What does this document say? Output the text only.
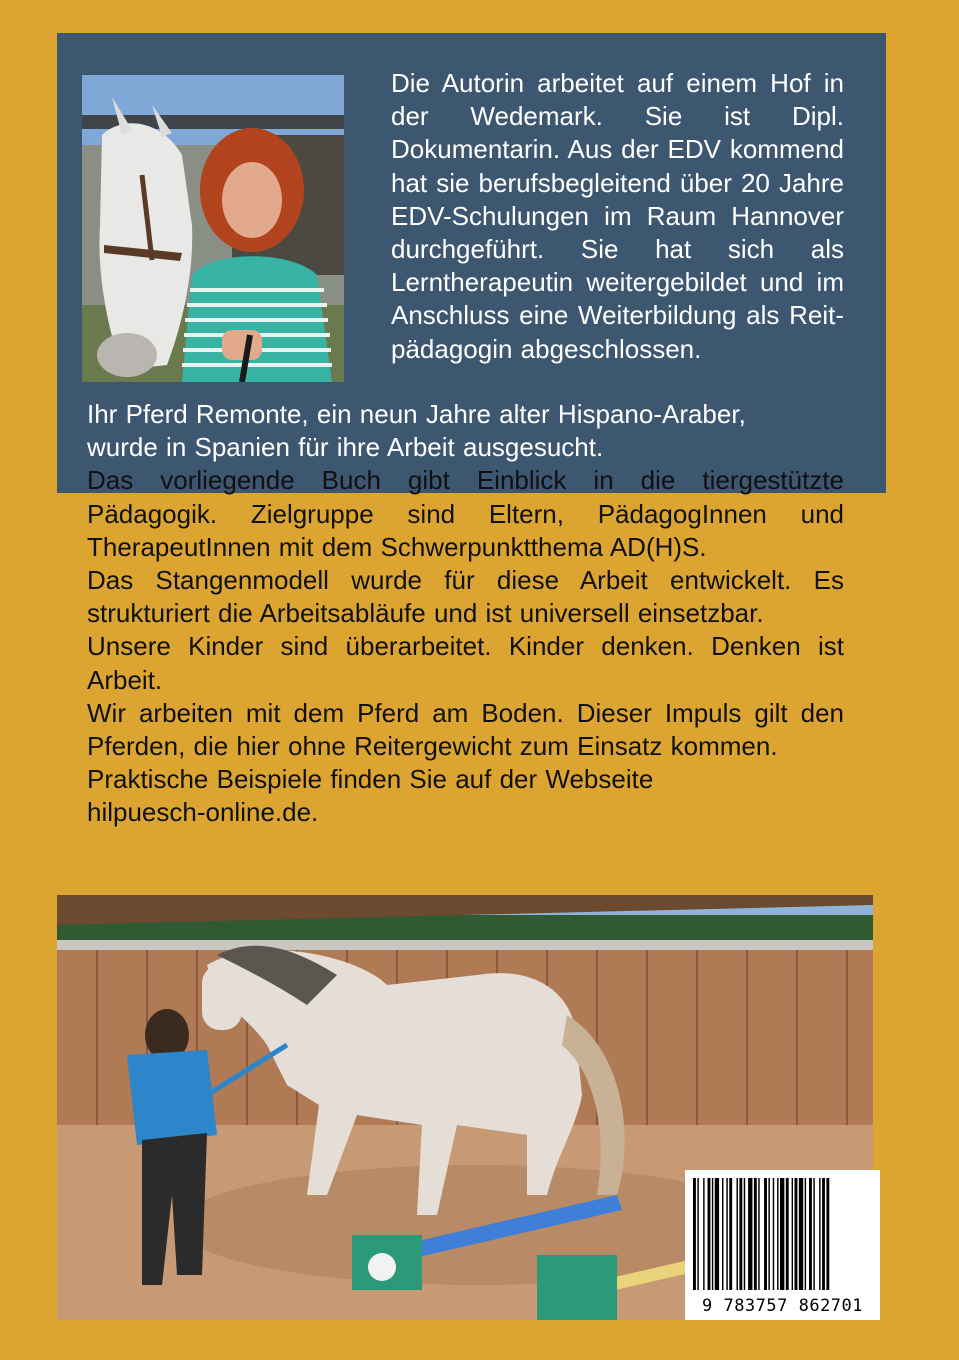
Die Autorin arbeitet auf einem Hof in der Wedemark. Sie ist Dipl. Dokumentarin. Aus der EDV kommend hat sie berufsbegleitend über 20 Jahre EDV-Schulungen im Raum Hannover durchgeführt. Sie hat sich als Lerntherapeutin weitergebildet und im Anschluss eine Weiterbildung als Reit-pädagogin abgeschlossen.

Ihr Pferd Remonte, ein neun Jahre alter Hispano-Araber,

wurde in Spanien für ihre Arbeit ausgesucht.

Das vorliegende Buch gibt Einblick in die tiergestützte Pädagogik. Zielgruppe sind Eltern, PädagogInnen und TherapeutInnen mit dem Schwerpunktthema AD(H)S.

Das Stangenmodell wurde für diese Arbeit entwickelt. Es strukturiert die Arbeitsabläufe und ist universell einsetzbar.

Unsere Kinder sind überarbeitet. Kinder denken. Denken ist Arbeit.

Wir arbeiten mit dem Pferd am Boden. Dieser Impuls gilt den Pferden, die hier ohne Reitergewicht zum Einsatz kommen.

Praktische Beispiele finden Sie auf der Webseite

hilpuesch-online.de.

9 783757 862701
